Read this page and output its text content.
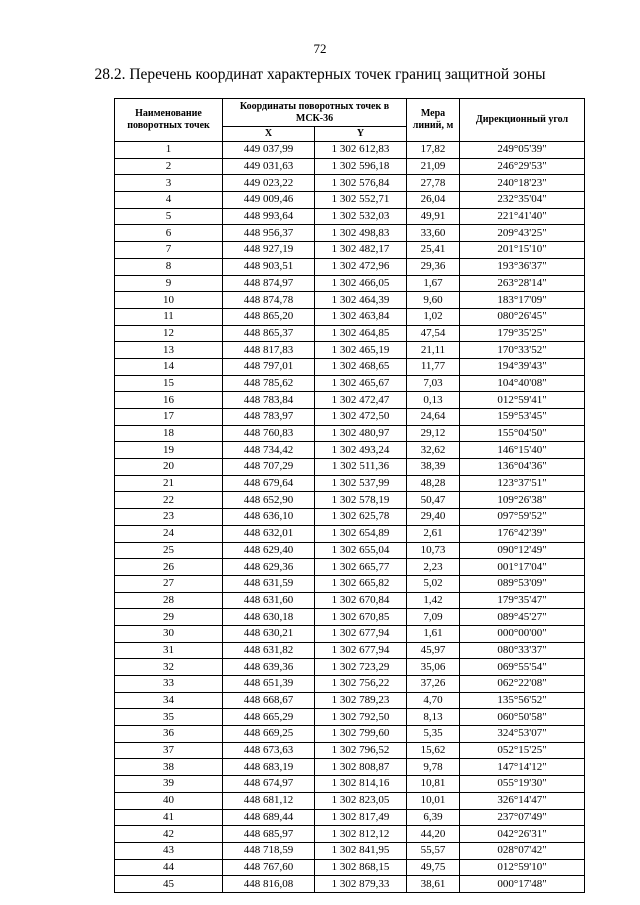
72
28.2. Перечень координат характерных точек границ защитной зоны
Наименование поворотных точек	Координаты поворотных точек в МСК-36		Мера линий, м	Дирекционный угол
	X	Y		
1	449 037,99	1 302 612,83	17,82	249°05'39"
2	449 031,63	1 302 596,18	21,09	246°29'53"
3	449 023,22	1 302 576,84	27,78	240°18'23"
4	449 009,46	1 302 552,71	26,04	232°35'04"
5	448 993,64	1 302 532,03	49,91	221°41'40"
6	448 956,37	1 302 498,83	33,60	209°43'25"
7	448 927,19	1 302 482,17	25,41	201°15'10"
8	448 903,51	1 302 472,96	29,36	193°36'37"
9	448 874,97	1 302 466,05	1,67	263°28'14"
10	448 874,78	1 302 464,39	9,60	183°17'09"
11	448 865,20	1 302 463,84	1,02	080°26'45"
12	448 865,37	1 302 464,85	47,54	179°35'25"
13	448 817,83	1 302 465,19	21,11	170°33'52"
14	448 797,01	1 302 468,65	11,77	194°39'43"
15	448 785,62	1 302 465,67	7,03	104°40'08"
16	448 783,84	1 302 472,47	0,13	012°59'41"
17	448 783,97	1 302 472,50	24,64	159°53'45"
18	448 760,83	1 302 480,97	29,12	155°04'50"
19	448 734,42	1 302 493,24	32,62	146°15'40"
20	448 707,29	1 302 511,36	38,39	136°04'36"
21	448 679,64	1 302 537,99	48,28	123°37'51"
22	448 652,90	1 302 578,19	50,47	109°26'38"
23	448 636,10	1 302 625,78	29,40	097°59'52"
24	448 632,01	1 302 654,89	2,61	176°42'39"
25	448 629,40	1 302 655,04	10,73	090°12'49"
26	448 629,36	1 302 665,77	2,23	001°17'04"
27	448 631,59	1 302 665,82	5,02	089°53'09"
28	448 631,60	1 302 670,84	1,42	179°35'47"
29	448 630,18	1 302 670,85	7,09	089°45'27"
30	448 630,21	1 302 677,94	1,61	000°00'00"
31	448 631,82	1 302 677,94	45,97	080°33'37"
32	448 639,36	1 302 723,29	35,06	069°55'54"
33	448 651,39	1 302 756,22	37,26	062°22'08"
34	448 668,67	1 302 789,23	4,70	135°56'52"
35	448 665,29	1 302 792,50	8,13	060°50'58"
36	448 669,25	1 302 799,60	5,35	324°53'07"
37	448 673,63	1 302 796,52	15,62	052°15'25"
38	448 683,19	1 302 808,87	9,78	147°14'12"
39	448 674,97	1 302 814,16	10,81	055°19'30"
40	448 681,12	1 302 823,05	10,01	326°14'47"
41	448 689,44	1 302 817,49	6,39	237°07'49"
42	448 685,97	1 302 812,12	44,20	042°26'31"
43	448 718,59	1 302 841,95	55,57	028°07'42"
44	448 767,60	1 302 868,15	49,75	012°59'10"
45	448 816,08	1 302 879,33	38,61	000°17'48"
